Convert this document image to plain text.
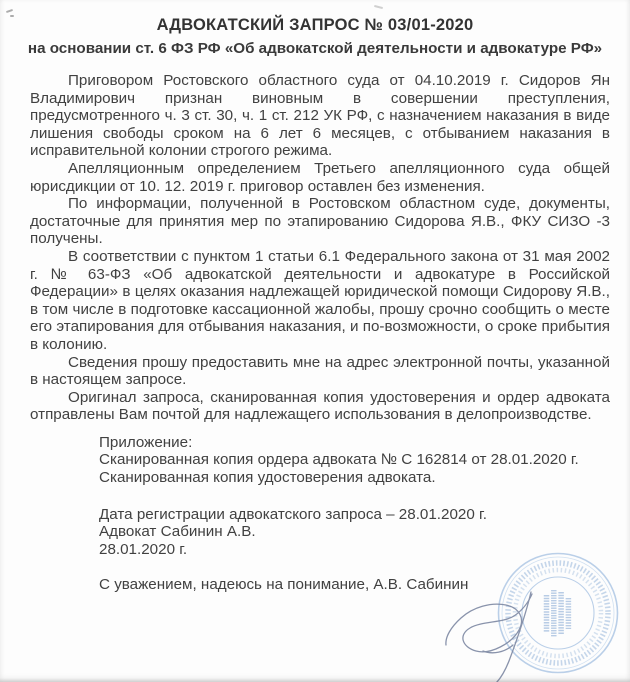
АДВОКАТСКИЙ ЗАПРОС № 03/01-2020
на основании ст. 6 ФЗ РФ «Об адвокатской деятельности и адвокатуре РФ»

Приговором Ростовского областного суда от 04.10.2019 г. Сидоров Ян Владимирович признан виновным в совершении преступления, предусмотренного ч. 3 ст. 30, ч. 1 ст. 212 УК РФ, с назначением наказания в виде лишения свободы сроком на 6 лет 6 месяцев, с отбыванием наказания в исправительной колонии строгого режима.

Апелляционным определением Третьего апелляционного суда общей юрисдикции от 10. 12. 2019 г. приговор оставлен без изменения.

По информации, полученной в Ростовском областном суде, документы, достаточные для принятия мер по этапированию Сидорова Я.В., ФКУ СИЗО -3 получены.

В соответствии с пунктом 1 статьи 6.1 Федерального закона от 31 мая 2002 г. № 63-ФЗ «Об адвокатской деятельности и адвокатуре в Российской Федерации» в целях оказания надлежащей юридической помощи Сидорову Я.В., в том числе в подготовке кассационной жалобы, прошу срочно сообщить о месте его этапирования для отбывания наказания, и по-возможности, о сроке прибытия в колонию.

Сведения прошу предоставить мне на адрес электронной почты, указанной в настоящем запросе.

Оригинал запроса, сканированная копия удостоверения и ордер адвоката отправлены Вам почтой для надлежащего использования в делопроизводстве.

Приложение:
Сканированная копия ордера адвоката № С 162814 от 28.01.2020 г.
Сканированная копия удостоверения адвоката.
Дата регистрации адвокатского запроса – 28.01.2020 г.
Адвокат Сабинин А.В.
28.01.2020 г.
С уважением, надеюсь на понимание, А.В. Сабинин
